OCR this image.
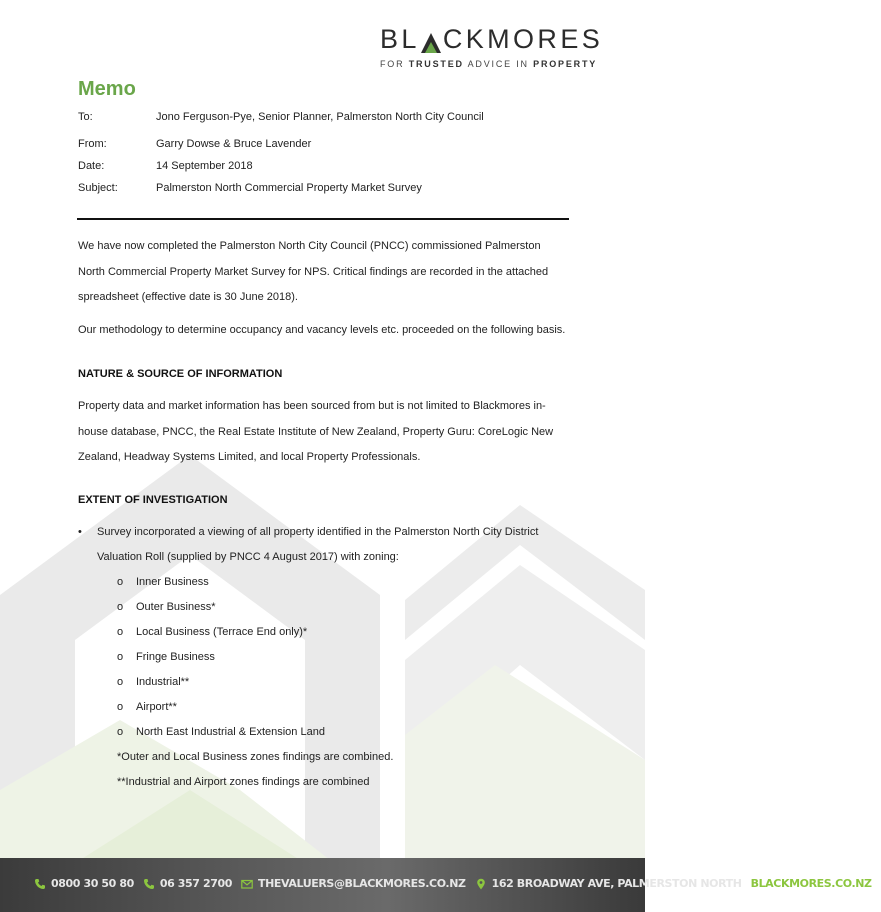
BL CKMORES
FOR TRUSTED ADVICE IN PROPERTY
Memo
To:	Jono Ferguson-Pye, Senior Planner, Palmerston North City Council
From:	Garry Dowse & Bruce Lavender
Date:	14 September 2018
Subject:	Palmerston North Commercial Property Market Survey
We have now completed the Palmerston North City Council (PNCC) commissioned Palmerston North Commercial Property Market Survey for NPS. Critical findings are recorded in the attached spreadsheet (effective date is 30 June 2018).
Our methodology to determine occupancy and vacancy levels etc. proceeded on the following basis.
NATURE & SOURCE OF INFORMATION
Property data and market information has been sourced from but is not limited to Blackmores in-house database, PNCC, the Real Estate Institute of New Zealand, Property Guru: CoreLogic New Zealand, Headway Systems Limited, and local Property Professionals.
EXTENT OF INVESTIGATION
• Survey incorporated a viewing of all property identified in the Palmerston North City District Valuation Roll (supplied by PNCC 4 August 2017) with zoning:
o Inner Business
o Outer Business*
o Local Business (Terrace End only)*
o Fringe Business
o Industrial**
o Airport**
o North East Industrial & Extension Land
*Outer and Local Business zones findings are combined.
**Industrial and Airport zones findings are combined
0800 30 50 80 06 357 2700 THEVALUERS@BLACKMORES.CO.NZ 162 BROADWAY AVE, PALMERSTON NORTH BLACKMORES.CO.NZ
